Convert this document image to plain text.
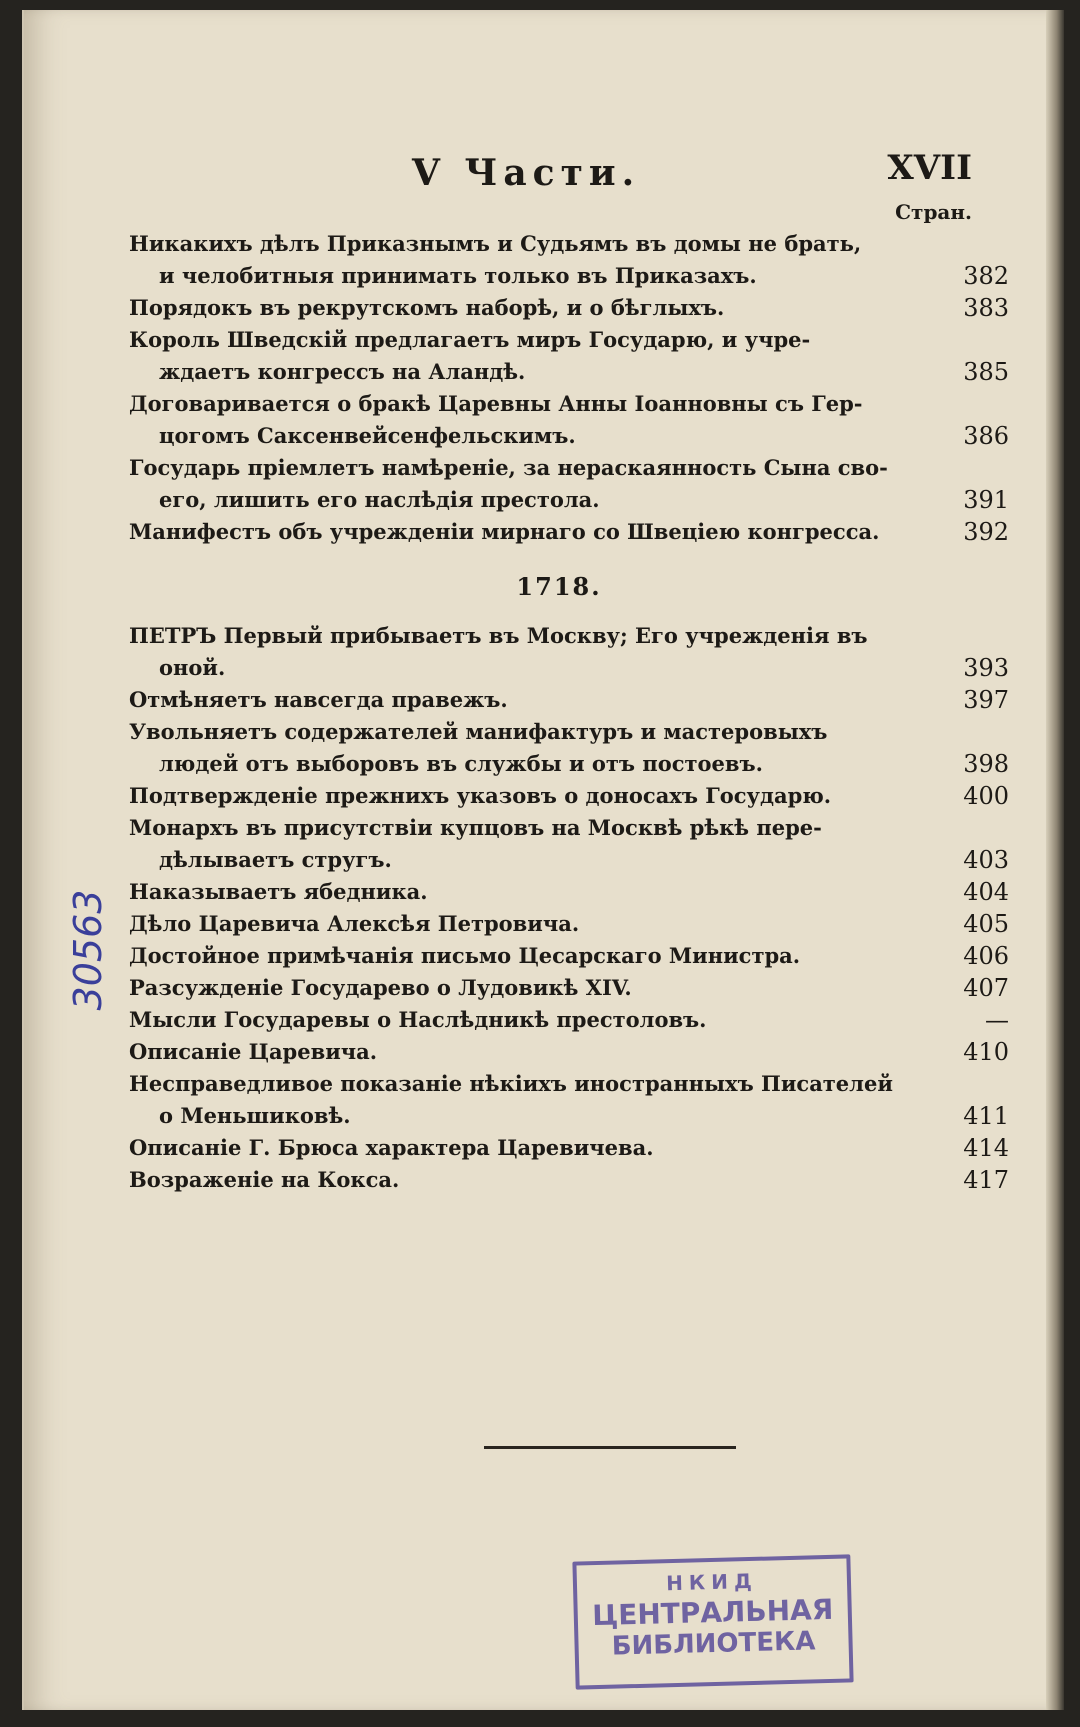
V Части.	XVII
Стран.
Никакихъ дѣлъ Приказнымъ и Судьямъ въ домы не брать,
и челобитныя принимать только въ Приказахъ.	382
Порядокъ въ рекрутскомъ наборѣ, и о бѣглыхъ.	383
Король Шведскій предлагаетъ миръ Государю, и учре-
ждаетъ конгрессъ на Аландѣ.	385
Договаривается о бракѣ Царевны Анны Іоанновны съ Гер-
цогомъ Саксенвейсенфельскимъ.	386
Государь пріемлетъ намѣреніе, за нераскаянность Сына сво-
его, лишить его наслѣдія престола.	391
Манифестъ объ учрежденіи мирнаго со Швеціею конгресса.	392
1718.
ПЕТРЪ Первый прибываетъ въ Москву; Его учрежденія въ
оной.	393
Отмѣняетъ навсегда правежъ.	397
Увольняетъ содержателей манифактуръ и мастеровыхъ
людей отъ выборовъ въ службы и отъ постоевъ.	398
Подтвержденіе прежнихъ указовъ о доносахъ Государю.	400
Монархъ въ присутствіи купцовъ на Москвѣ рѣкѣ пере-
дѣлываетъ стругъ.	403
Наказываетъ ябедника.	404
Дѣло Царевича Алексѣя Петровича.	405
Достойное примѣчанія письмо Цесарскаго Министра.	406
Разсужденіе Государево о Лудовикѣ XIV.	407
Мысли Государевы о Наслѣдникѣ престоловъ.	—
Описаніе Царевича.	410
Несправедливое показаніе нѣкіихъ иностранныхъ Писателей
о Меньшиковѣ.	411
Описаніе Г. Брюса характера Царевичева.	414
Возраженіе на Кокса.	417
30563
НКИД
ЦЕНТРАЛЬНАЯ
БИБЛИОТЕКА
